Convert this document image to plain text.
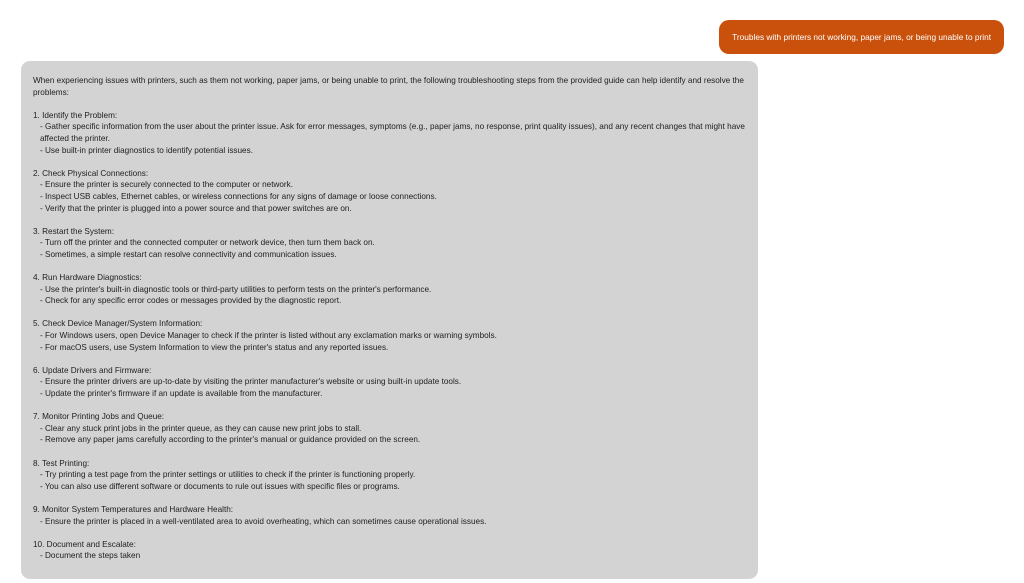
Troubles with printers not working, paper jams, or being unable to print

When experiencing issues with printers, such as them not working, paper jams, or being unable to print, the following troubleshooting steps from the provided guide can help identify and resolve the problems:

1. Identify the Problem:

- Gather specific information from the user about the printer issue. Ask for error messages, symptoms (e.g., paper jams, no response, print quality issues), and any recent changes that might have affected the printer.
- Use built-in printer diagnostics to identify potential issues.

2. Check Physical Connections:

- Ensure the printer is securely connected to the computer or network.
- Inspect USB cables, Ethernet cables, or wireless connections for any signs of damage or loose connections.
- Verify that the printer is plugged into a power source and that power switches are on.

3. Restart the System:

- Turn off the printer and the connected computer or network device, then turn them back on.
- Sometimes, a simple restart can resolve connectivity and communication issues.

4. Run Hardware Diagnostics:

- Use the printer's built-in diagnostic tools or third-party utilities to perform tests on the printer's performance.
- Check for any specific error codes or messages provided by the diagnostic report.

5. Check Device Manager/System Information:

- For Windows users, open Device Manager to check if the printer is listed without any exclamation marks or warning symbols.
- For macOS users, use System Information to view the printer's status and any reported issues.

6. Update Drivers and Firmware:

- Ensure the printer drivers are up-to-date by visiting the printer manufacturer's website or using built-in update tools.
- Update the printer's firmware if an update is available from the manufacturer.

7. Monitor Printing Jobs and Queue:

- Clear any stuck print jobs in the printer queue, as they can cause new print jobs to stall.
- Remove any paper jams carefully according to the printer's manual or guidance provided on the screen.

8. Test Printing:

- Try printing a test page from the printer settings or utilities to check if the printer is functioning properly.
- You can also use different software or documents to rule out issues with specific files or programs.

9. Monitor System Temperatures and Hardware Health:

- Ensure the printer is placed in a well-ventilated area to avoid overheating, which can sometimes cause operational issues.

10. Document and Escalate:

- Document the steps taken
